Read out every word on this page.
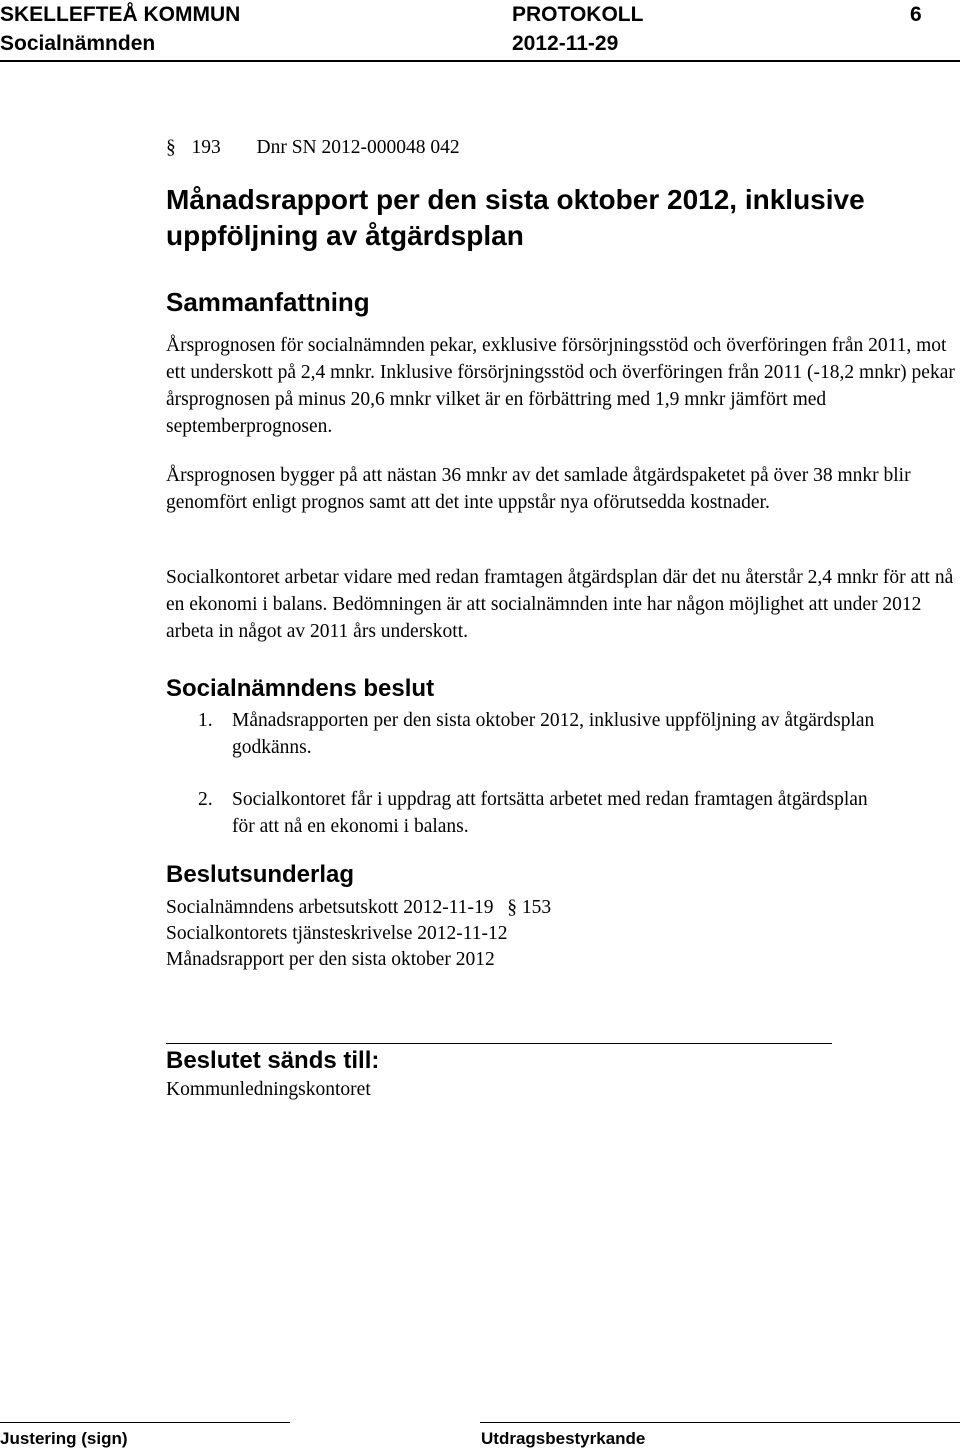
SKELLEFTEÅ KOMMUN	PROTOKOLL	6
Socialnämnden	2012-11-29
§ 193 Dnr SN 2012-000048 042
Månadsrapport per den sista oktober 2012, inklusive uppföljning av åtgärdsplan
Sammanfattning

Årsprognosen för socialnämnden pekar, exklusive försörjningsstöd och överföringen från 2011, mot ett underskott på 2,4 mnkr. Inklusive försörjningsstöd och överföringen från 2011 (-18,2 mnkr) pekar årsprognosen på minus 20,6 mnkr vilket är en förbättring med 1,9 mnkr jämfört med septemberprognosen.

Årsprognosen bygger på att nästan 36 mnkr av det samlade åtgärdspaketet på över 38 mnkr blir genomfört enligt prognos samt att det inte uppstår nya oförutsedda kostnader.

Socialkontoret arbetar vidare med redan framtagen åtgärdsplan där det nu återstår 2,4 mnkr för att nå en ekonomi i balans. Bedömningen är att socialnämnden inte har någon möjlighet att under 2012 arbeta in något av 2011 års underskott.

Socialnämndens beslut
1. Månadsrapporten per den sista oktober 2012, inklusive uppföljning av åtgärdsplan godkänns.
2. Socialkontoret får i uppdrag att fortsätta arbetet med redan framtagen åtgärdsplan för att nå en ekonomi i balans.
Beslutsunderlag
Socialnämndens arbetsutskott 2012-11-19 § 153
Socialkontorets tjänsteskrivelse 2012-11-12
Månadsrapport per den sista oktober 2012
Beslutet sänds till:
Kommunledningskontoret
Justering (sign)	Utdragsbestyrkande
